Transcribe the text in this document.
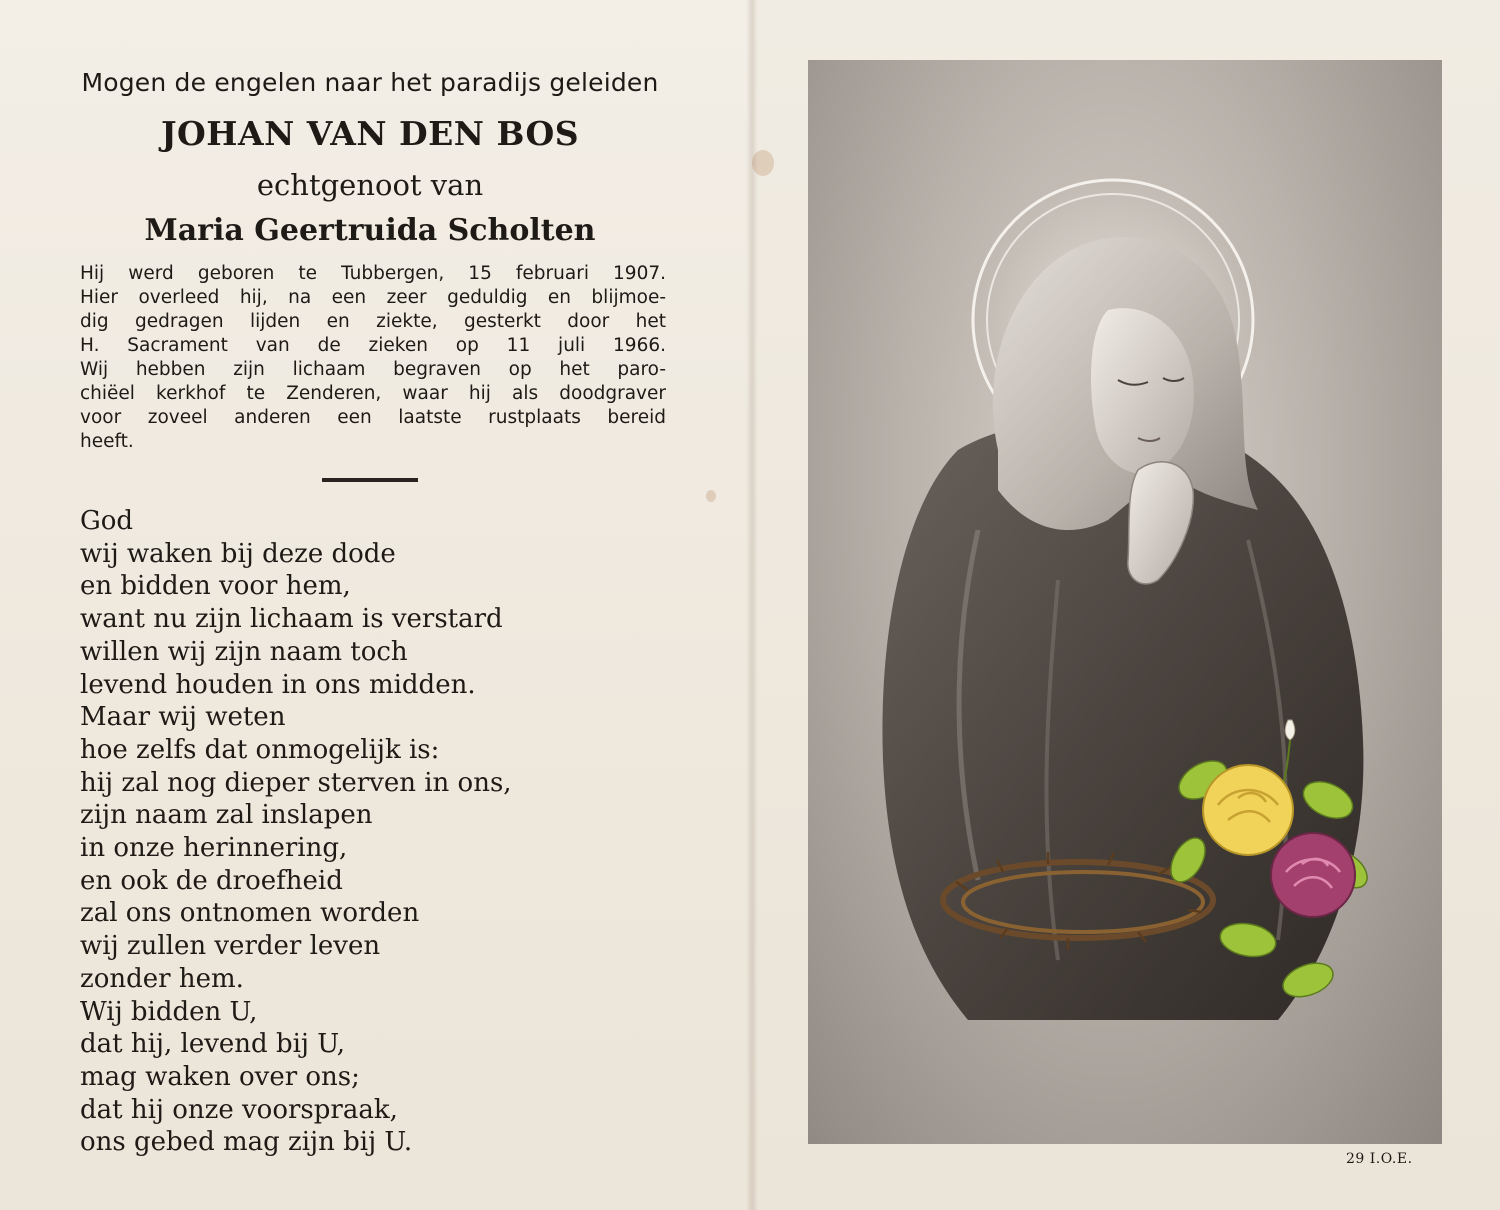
Mogen de engelen naar het paradijs geleiden
JOHAN VAN DEN BOS
echtgenoot van
Maria Geertruida Scholten
Hij werd geboren te Tubbergen, 15 februari 1907.
Hier overleed hij, na een zeer geduldig en blijmoe-
dig gedragen lijden en ziekte, gesterkt door het
H. Sacrament van de zieken op 11 juli 1966.
Wij hebben zijn lichaam begraven op het paro-
chiëel kerkhof te Zenderen, waar hij als doodgraver
voor zoveel anderen een laatste rustplaats bereid
heeft.
God
wij waken bij deze dode
en bidden voor hem,
want nu zijn lichaam is verstard
willen wij zijn naam toch
levend houden in ons midden.
Maar wij weten
hoe zelfs dat onmogelijk is:
hij zal nog dieper sterven in ons,
zijn naam zal inslapen
in onze herinnering,
en ook de droefheid
zal ons ontnomen worden
wij zullen verder leven
zonder hem.
Wij bidden U,
dat hij, levend bij U,
mag waken over ons;
dat hij onze voorspraak,
ons gebed mag zijn bij U.
29 I.O.E.
